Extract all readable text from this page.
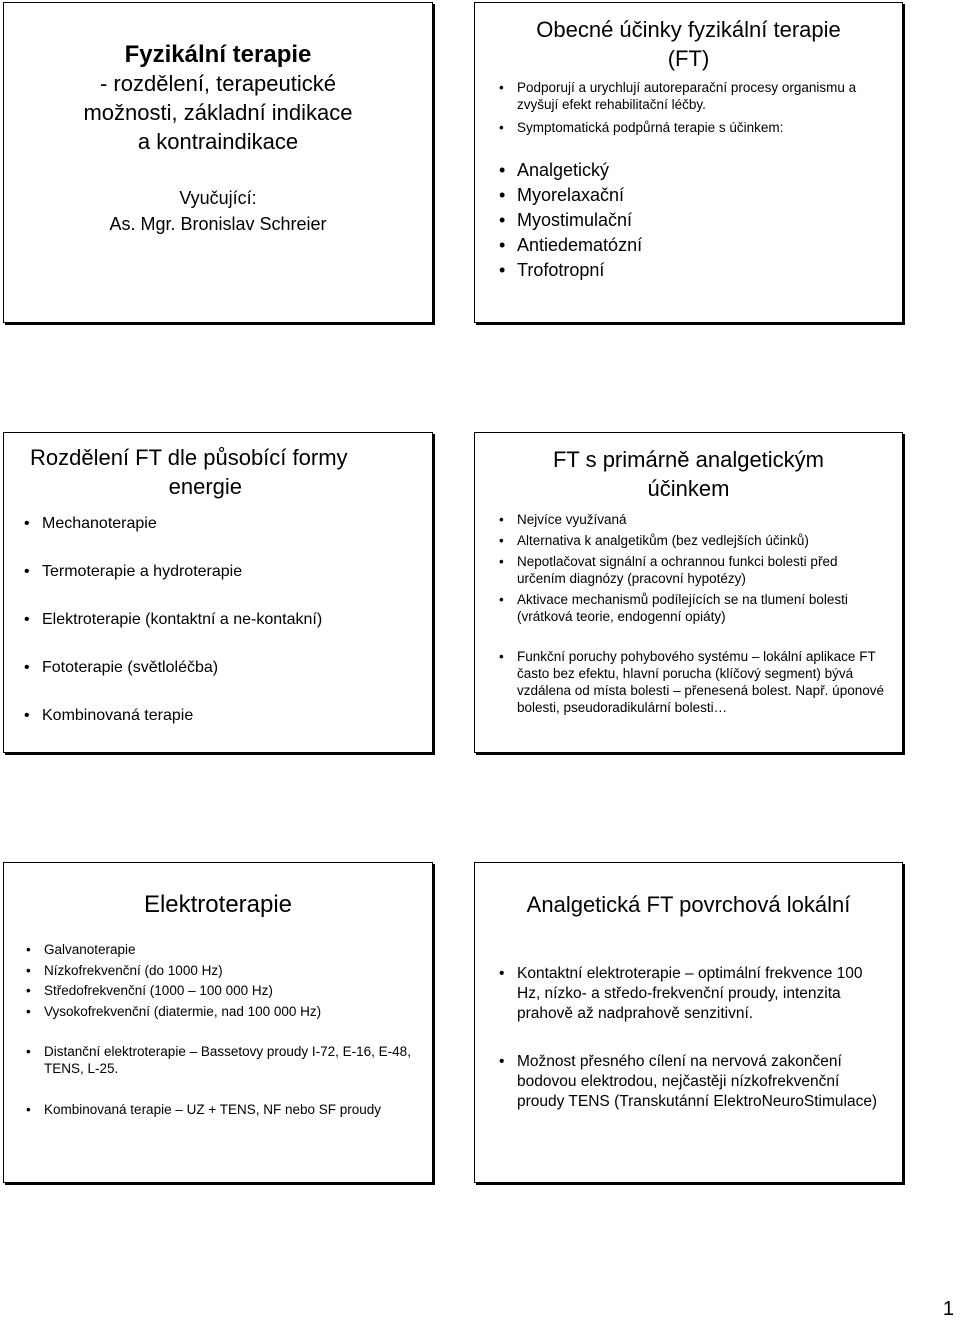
Fyzikální terapie
- rozdělení, terapeutické
možnosti, základní indikace
a kontraindikace
Vyučující:
As. Mgr. Bronislav Schreier
Obecné účinky fyzikální terapie
(FT)
• Podporují a urychlují autoreparační procesy organismu a zvyšují efekt rehabilitační léčby.
• Symptomatická podpůrná terapie s účinkem:
• Analgetický
• Myorelaxační
• Myostimulační
• Antiedematózní
• Trofotropní
Rozdělení FT dle působící formy
energie
• Mechanoterapie
• Termoterapie a hydroterapie
• Elektroterapie (kontaktní a ne-kontakní)
• Fototerapie (světloléčba)
• Kombinovaná terapie
FT s primárně analgetickým
účinkem
• Nejvíce využívaná
• Alternativa k analgetikům (bez vedlejších účinků)
• Nepotlačovat signální a ochrannou funkci bolesti před určením diagnózy (pracovní hypotézy)
• Aktivace mechanismů podílejících se na tlumení bolesti (vrátková teorie, endogenní opiáty)
• Funkční poruchy pohybového systému – lokální aplikace FT často bez efektu, hlavní porucha (klíčový segment) bývá vzdálena od místa bolesti – přenesená bolest. Např. úponové bolesti, pseudoradikulární bolesti…
Elektroterapie
• Galvanoterapie
• Nízkofrekvenční (do 1000 Hz)
• Středofrekvenční (1000 – 100 000 Hz)
• Vysokofrekvenční (diatermie, nad 100 000 Hz)
• Distanční elektroterapie – Bassetovy proudy I-72, E-16, E-48, TENS, L-25.
• Kombinovaná terapie – UZ + TENS, NF nebo SF proudy
Analgetická FT povrchová lokální
• Kontaktní elektroterapie – optimální frekvence 100 Hz, nízko- a středo-frekvenční proudy, intenzita prahově až nadprahově senzitivní.
• Možnost přesného cílení na nervová zakončení bodovou elektrodou, nejčastěji nízkofrekvenční proudy TENS (Transkutánní ElektroNeuroStimulace)
1
